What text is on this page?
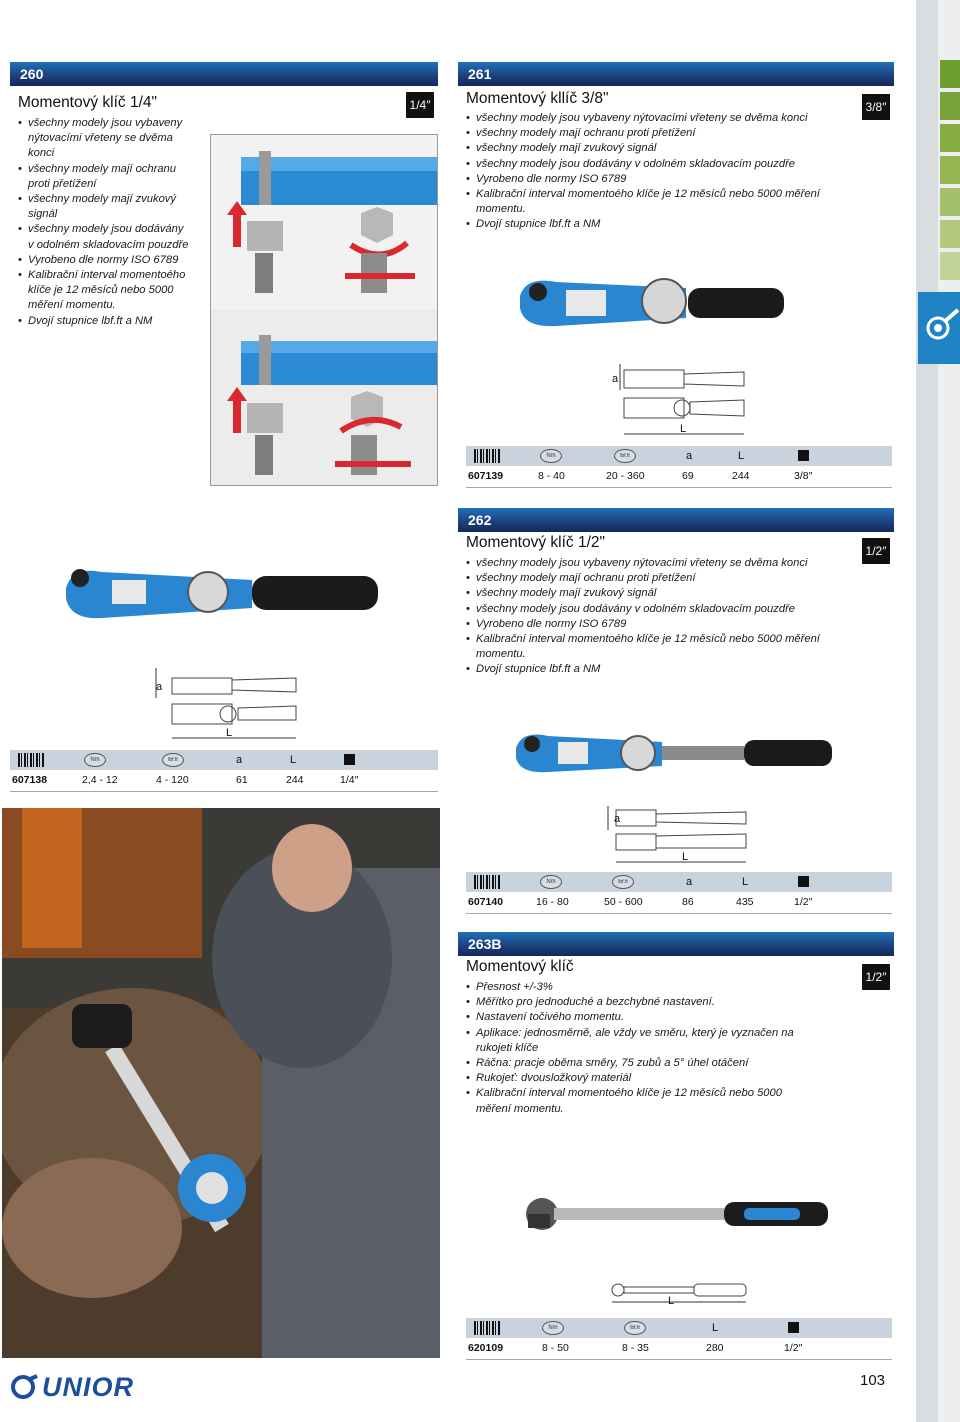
260
Momentový klíč 1/4"
• všechny modely jsou vybaveny nýtovacími vřeteny se dvěma konci
• všechny modely mají ochranu proti přetížení
• všechny modely mají zvukový signál
• všechny modely jsou dodávány v odolném skladovacím pouzdře
• Vyrobeno dle normy ISO 6789
• Kalibrační interval momentoého klíče je 12 měsíců nebo 5000 měření momentu.
• Dvojí stupnice lbf.ft a NM
1/4″
261
Momentový kllíč 3/8"
• všechny modely jsou vybaveny nýtovacími vřeteny se dvěma konci
• všechny modely mají ochranu proti přetížení
• všechny modely mají zvukový signál
• všechny modely jsou dodávány v odolném skladovacím pouzdře
• Vyrobeno dle normy ISO 6789
• Kalibrační interval momentoého klíče je 12 měsíců nebo 5000 měření momentu.
• Dvojí stupnice lbf.ft a NM
3/8″
a
L
Nm	lbf.ft	a	L
607139	8 - 40	20 - 360	69	244	3/8″
a
L
Nm	lbf.ft	a	L
607138	2,4 - 12	4 - 120	61	244	1/4″
262
Momentový klíč 1/2"
• všechny modely jsou vybaveny nýtovacími vřeteny se dvěma konci
• všechny modely mají ochranu proti přetížení
• všechny modely mají zvukový signál
• všechny modely jsou dodávány v odolném skladovacím pouzdře
• Vyrobeno dle normy ISO 6789
• Kalibrační interval momentoého klíče je 12 měsíců nebo 5000 měření momentu.
• Dvojí stupnice lbf.ft a NM
1/2″
a
L
Nm	lbf.ft	a	L
607140	16 - 80	50 - 600	86	435	1/2″
263B
Momentový klíč
• Přesnost +/-3%
• Měřítko pro jednoduché a bezchybné nastavení.
• Nastavení točivého momentu.
• Aplikace: jednosměrně, ale vždy ve směru, který je vyznačen na rukojeti klíče
• Ráčna: pracje oběma směry, 75 zubů a 5° úhel otáčení
• Rukojeť: dvousložkový materiál
• Kalibrační interval momentoého klíče je 12 měsíců nebo 5000 měření momentu.
1/2″
L
Nm	lbf.ft	L
620109	8 - 50	8 - 35	280	1/2″
UNIOR	103
